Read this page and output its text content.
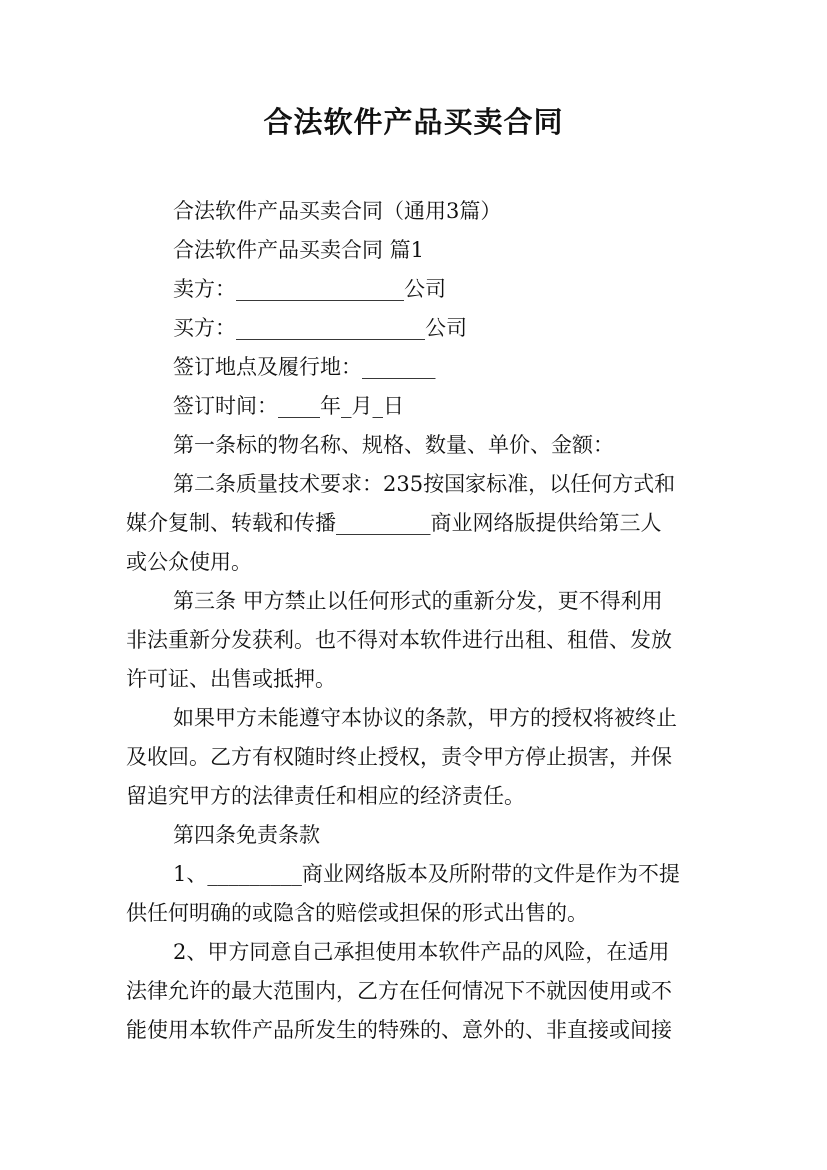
合法软件产品买卖合同
合法软件产品买卖合同（通用3篇）
合法软件产品买卖合同 篇1
卖方：________________公司
买方：__________________公司
签订地点及履行地：_______
签订时间：____年_月_日
第一条标的物名称、规格、数量、单价、金额：
第二条质量技术要求：235按国家标准，以任何方式和
媒介复制、转载和传播_________商业网络版提供给第三人
或公众使用。
第三条 甲方禁止以任何形式的重新分发，更不得利用
非法重新分发获利。也不得对本软件进行出租、租借、发放
许可证、出售或抵押。
如果甲方未能遵守本协议的条款，甲方的授权将被终止
及收回。乙方有权随时终止授权，责令甲方停止损害，并保
留追究甲方的法律责任和相应的经济责任。
第四条免责条款
1、_________商业网络版本及所附带的文件是作为不提
供任何明确的或隐含的赔偿或担保的形式出售的。
2、甲方同意自己承担使用本软件产品的风险，在适用
法律允许的最大范围内，乙方在任何情况下不就因使用或不
能使用本软件产品所发生的特殊的、意外的、非直接或间接
